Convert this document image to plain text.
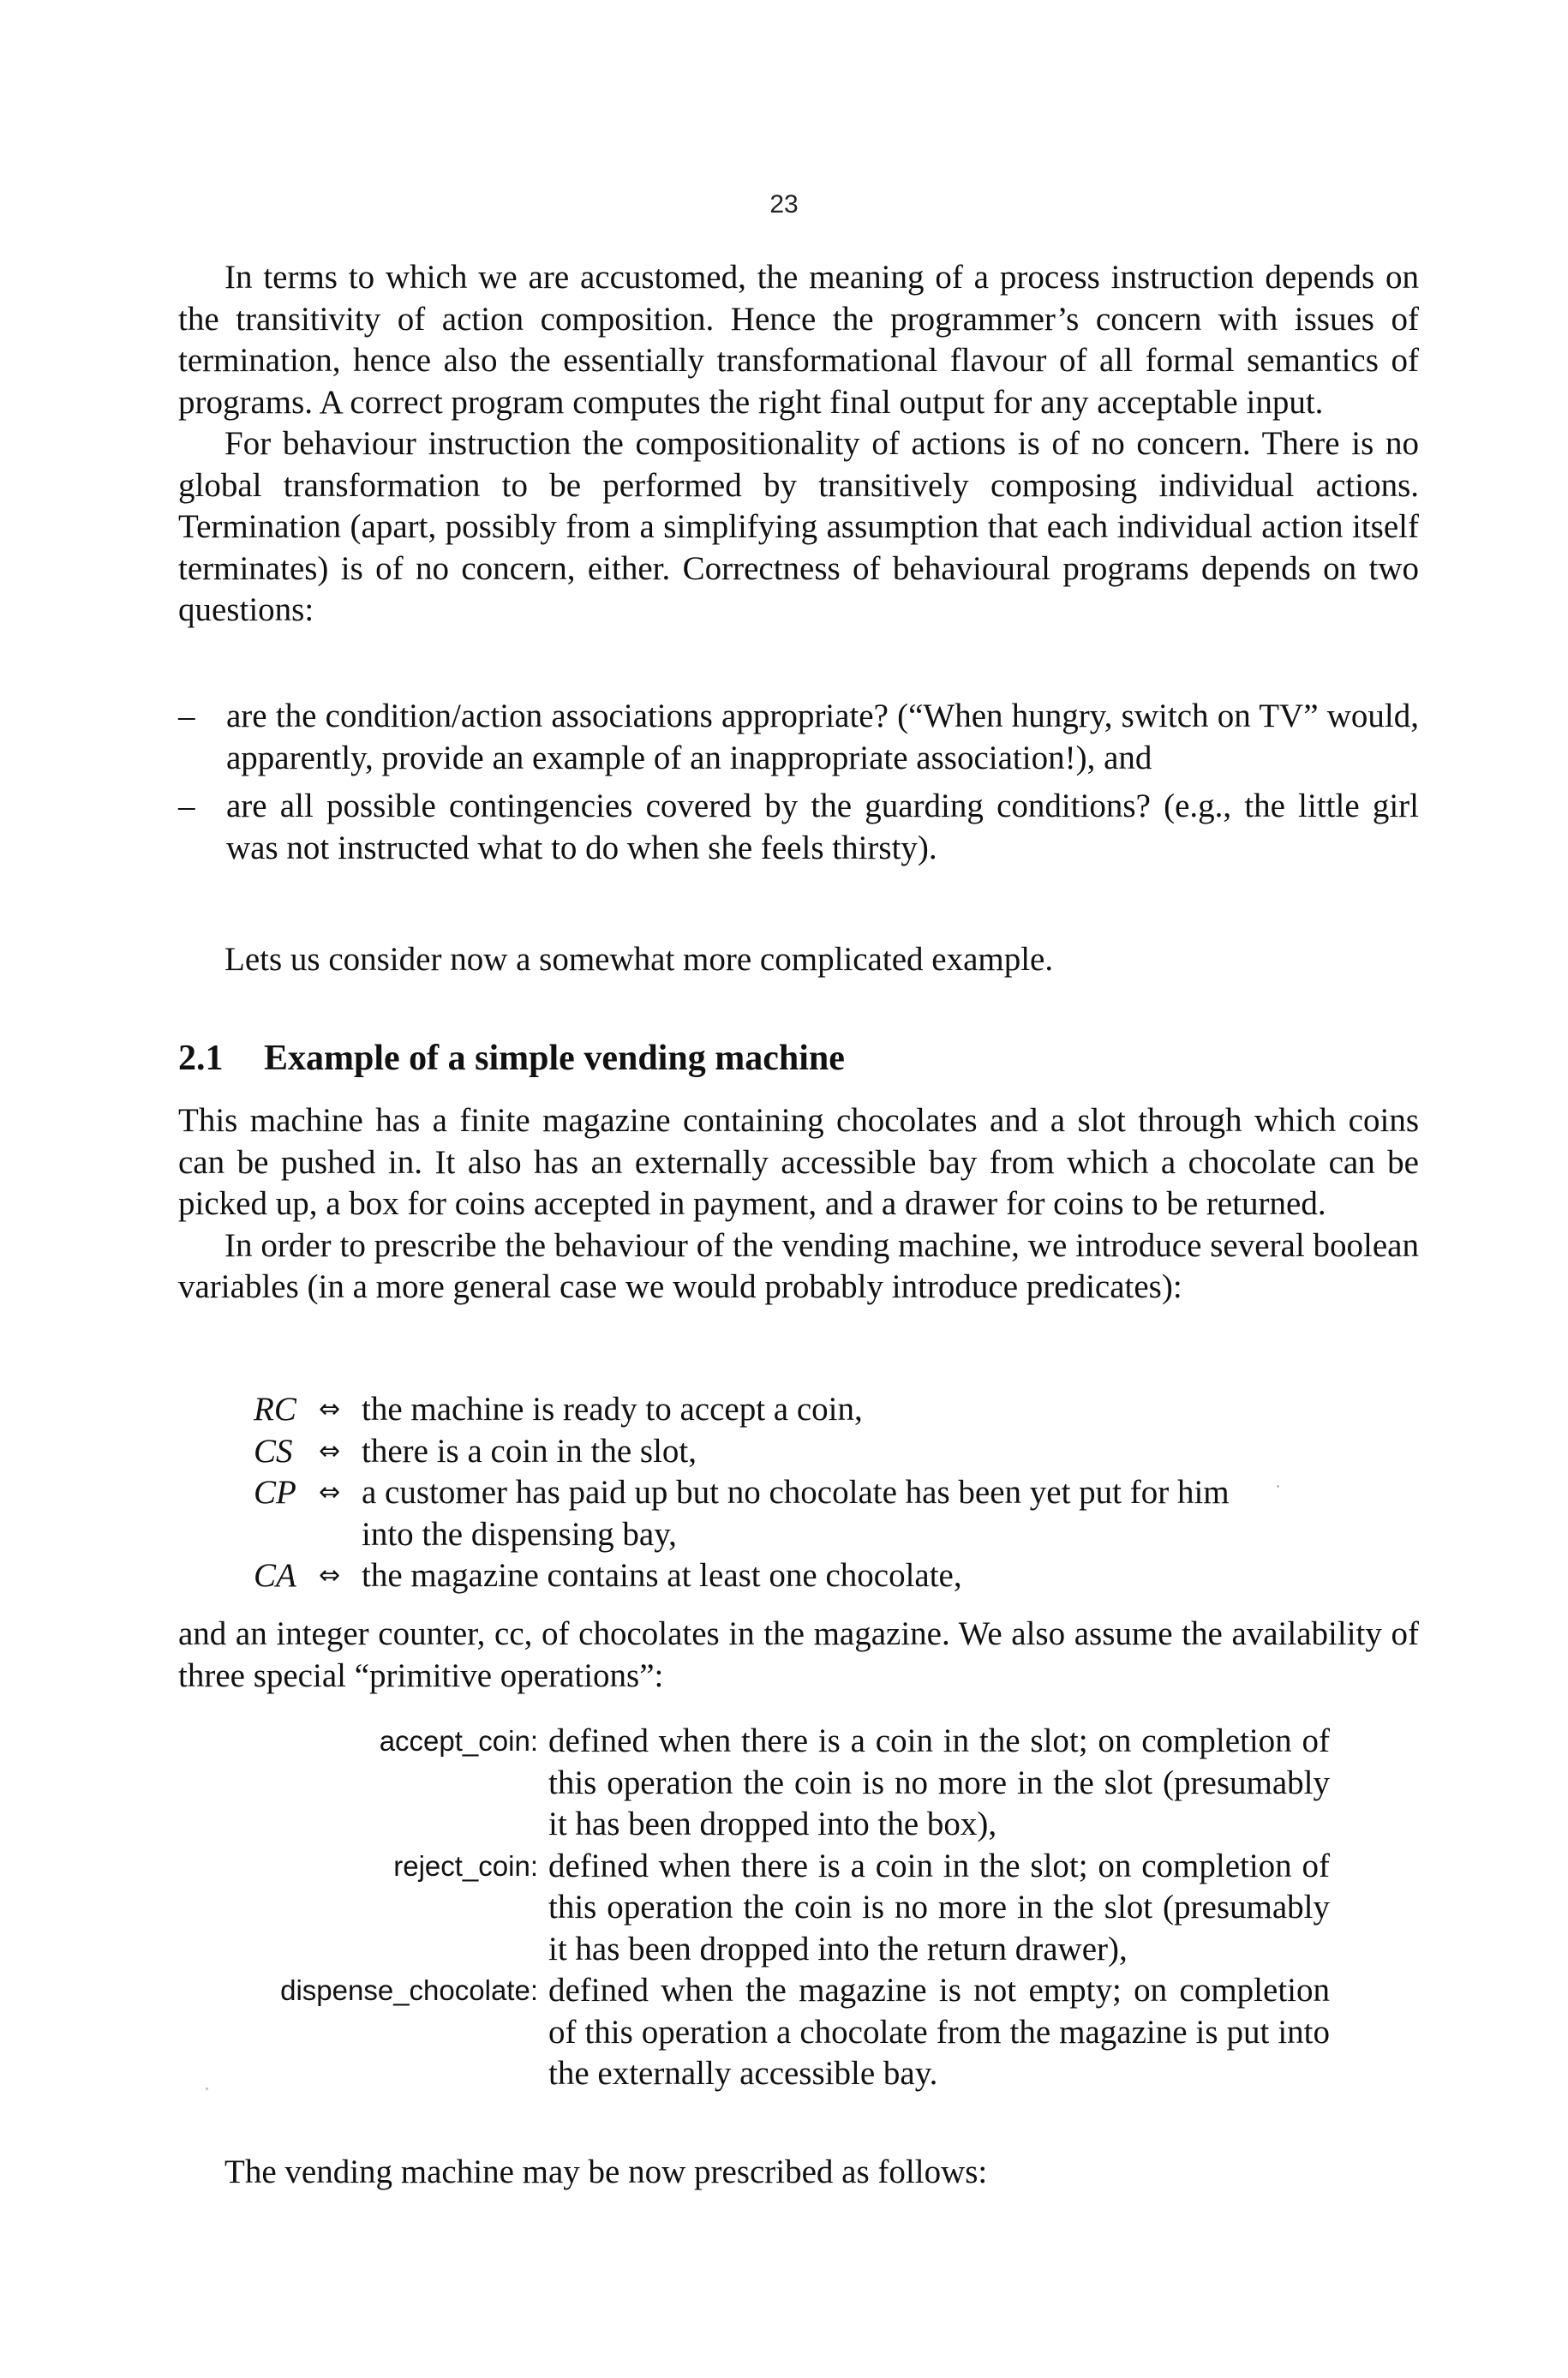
23

In terms to which we are accustomed, the meaning of a process instruction depends on the transitivity of action composition. Hence the programmer’s concern with issues of termination, hence also the essentially transformational flavour of all formal semantics of programs. A correct program computes the right final output for any acceptable input.

For behaviour instruction the compositionality of actions is of no concern. There is no global transformation to be performed by transitively composing individual actions. Termination (apart, possibly from a simplifying assumption that each individual action itself terminates) is of no concern, either. Correctness of behavioural programs depends on two questions:

– are the condition/action associations appropriate? (“When hungry, switch on TV” would, apparently, provide an example of an inappropriate association!), and
– are all possible contingencies covered by the guarding conditions? (e.g., the little girl was not instructed what to do when she feels thirsty).
Lets us consider now a somewhat more complicated example.
2.1 Example of a simple vending machine

This machine has a finite magazine containing chocolates and a slot through which coins can be pushed in. It also has an externally accessible bay from which a chocolate can be picked up, a box for coins accepted in payment, and a drawer for coins to be returned.

In order to prescribe the behaviour of the vending machine, we introduce several boolean variables (in a more general case we would probably introduce predicates):

RC ⇔ the machine is ready to accept a coin,
CS ⇔ there is a coin in the slot,
CP ⇔ a customer has paid up but no chocolate has been yet put for him into the dispensing bay,
CA ⇔ the magazine contains at least one chocolate,
and an integer counter, cc, of chocolates in the magazine. We also assume the availability of three special “primitive operations”:
accept_coin: defined when there is a coin in the slot; on completion of this operation the coin is no more in the slot (presumably it has been dropped into the box),
reject_coin: defined when there is a coin in the slot; on completion of this operation the coin is no more in the slot (presumably it has been dropped into the return drawer),
dispense_chocolate: defined when the magazine is not empty; on completion of this operation a chocolate from the magazine is put into the externally accessible bay.
The vending machine may be now prescribed as follows:
